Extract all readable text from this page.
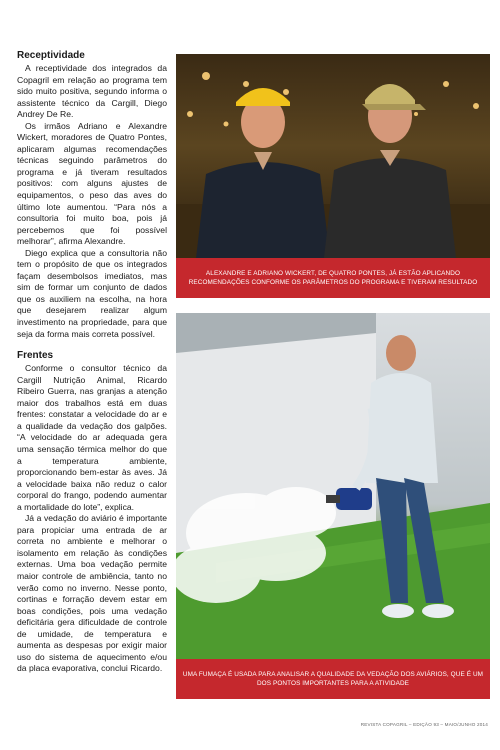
Receptividade

A receptividade dos integrados da Copagril em relação ao programa tem sido muito positiva, segundo informa o assistente técnico da Cargill, Diego Andrey De Re.

Os irmãos Adriano e Alexandre Wickert, moradores de Quatro Pontes, aplicaram algumas recomendações técnicas seguindo parâmetros do programa e já tiveram resultados positivos: com alguns ajustes de equipamentos, o peso das aves do último lote aumentou. “Para nós a consultoria foi muito boa, pois já percebemos que foi possível melhorar”, afirma Alexandre.

Diego explica que a consultoria não tem o propósito de que os integrados façam desembolsos imediatos, mas sim de formar um conjunto de dados que os auxiliem na escolha, na hora que desejarem realizar algum investimento na propriedade, para que seja da forma mais correta possível.

Frentes

Conforme o consultor técnico da Cargill Nutrição Animal, Ricardo Ribeiro Guerra, nas granjas a atenção maior dos trabalhos está em duas frentes: constatar a velocidade do ar e a qualidade da vedação dos galpões. “A velocidade do ar adequada gera uma sensação térmica melhor do que a temperatura ambiente, proporcionando bem-estar às aves. Já a velocidade baixa não reduz o calor corporal do frango, podendo aumentar a mortalidade do lote”, explica.

Já a vedação do aviário é importante para propiciar uma entrada de ar correta no ambiente e melhorar o isolamento em relação às condições externas. Uma boa vedação permite maior controle de ambiência, tanto no verão como no inverno. Nesse ponto, cortinas e forração devem estar em boas condições, pois uma vedação deficitária gera dificuldade de controle de umidade, de temperatura e aumenta as despesas por exigir maior uso do sistema de aquecimento e/ou da placa evaporativa, conclui Ricardo.

ALEXANDRE E ADRIANO WICKERT, DE QUATRO PONTES, JÁ ESTÃO APLICANDO RECOMENDAÇÕES CONFORME OS PARÂMETROS DO PROGRAMA E TIVERAM RESULTADO
UMA FUMAÇA É USADA PARA ANALISAR A QUALIDADE DA VEDAÇÃO DOS AVIÁRIOS, QUE É UM DOS PONTOS IMPORTANTES PARA A ATIVIDADE
REVISTA COPAGRIL – EDIÇÃO 93 – MAIO/JUNHO 2014
